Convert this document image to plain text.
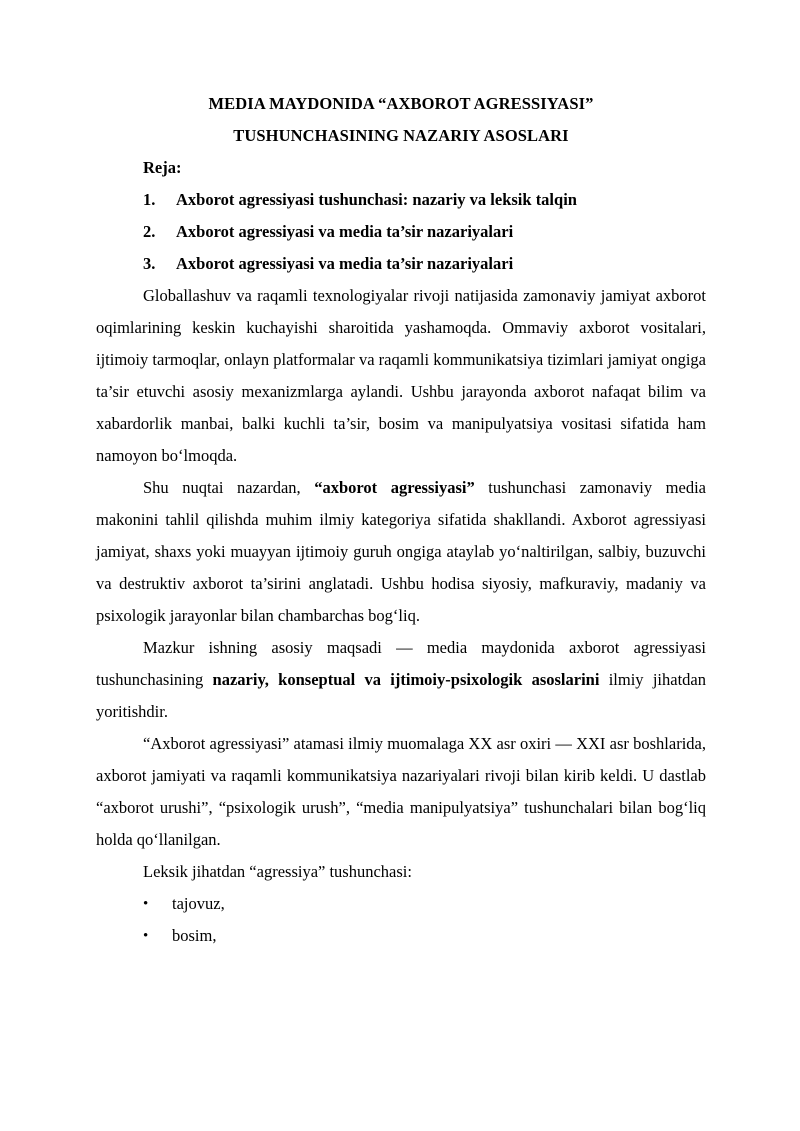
MEDIA MAYDONIDA “AXBOROT AGRESSIYASI”
TUSHUNCHASINING NAZARIY ASOSLARI

Reja:

1. Axborot agressiyasi tushunchasi: nazariy va leksik talqin
2. Axborot agressiyasi va media ta’sir nazariyalari
3. Axborot agressiyasi va media ta’sir nazariyalari

Globallashuv va raqamli texnologiyalar rivoji natijasida zamonaviy jamiyat axborot oqimlarining keskin kuchayishi sharoitida yashamoqda. Ommaviy axborot vositalari, ijtimoiy tarmoqlar, onlayn platformalar va raqamli kommunikatsiya tizimlari jamiyat ongiga ta’sir etuvchi asosiy mexanizmlarga aylandi. Ushbu jarayonda axborot nafaqat bilim va xabardorlik manbai, balki kuchli ta’sir, bosim va manipulyatsiya vositasi sifatida ham namoyon bo‘lmoqda.

Shu nuqtai nazardan, “axborot agressiyasi” tushunchasi zamonaviy media makonini tahlil qilishda muhim ilmiy kategoriya sifatida shakllandi. Axborot agressiyasi jamiyat, shaxs yoki muayyan ijtimoiy guruh ongiga ataylab yo‘naltirilgan, salbiy, buzuvchi va destruktiv axborot ta’sirini anglatadi. Ushbu hodisa siyosiy, mafkuraviy, madaniy va psixologik jarayonlar bilan chambarchas bog‘liq.

Mazkur ishning asosiy maqsadi — media maydonida axborot agressiyasi tushunchasining nazariy, konseptual va ijtimoiy-psixologik asoslarini ilmiy jihatdan yoritishdir.

“Axborot agressiyasi” atamasi ilmiy muomalaga XX asr oxiri — XXI asr boshlarida, axborot jamiyati va raqamli kommunikatsiya nazariyalari rivoji bilan kirib keldi. U dastlab “axborot urushi”, “psixologik urush”, “media manipulyatsiya” tushunchalari bilan bog‘liq holda qo‘llanilgan.

Leksik jihatdan “agressiya” tushunchasi:

• tajovuz,
• bosim,
